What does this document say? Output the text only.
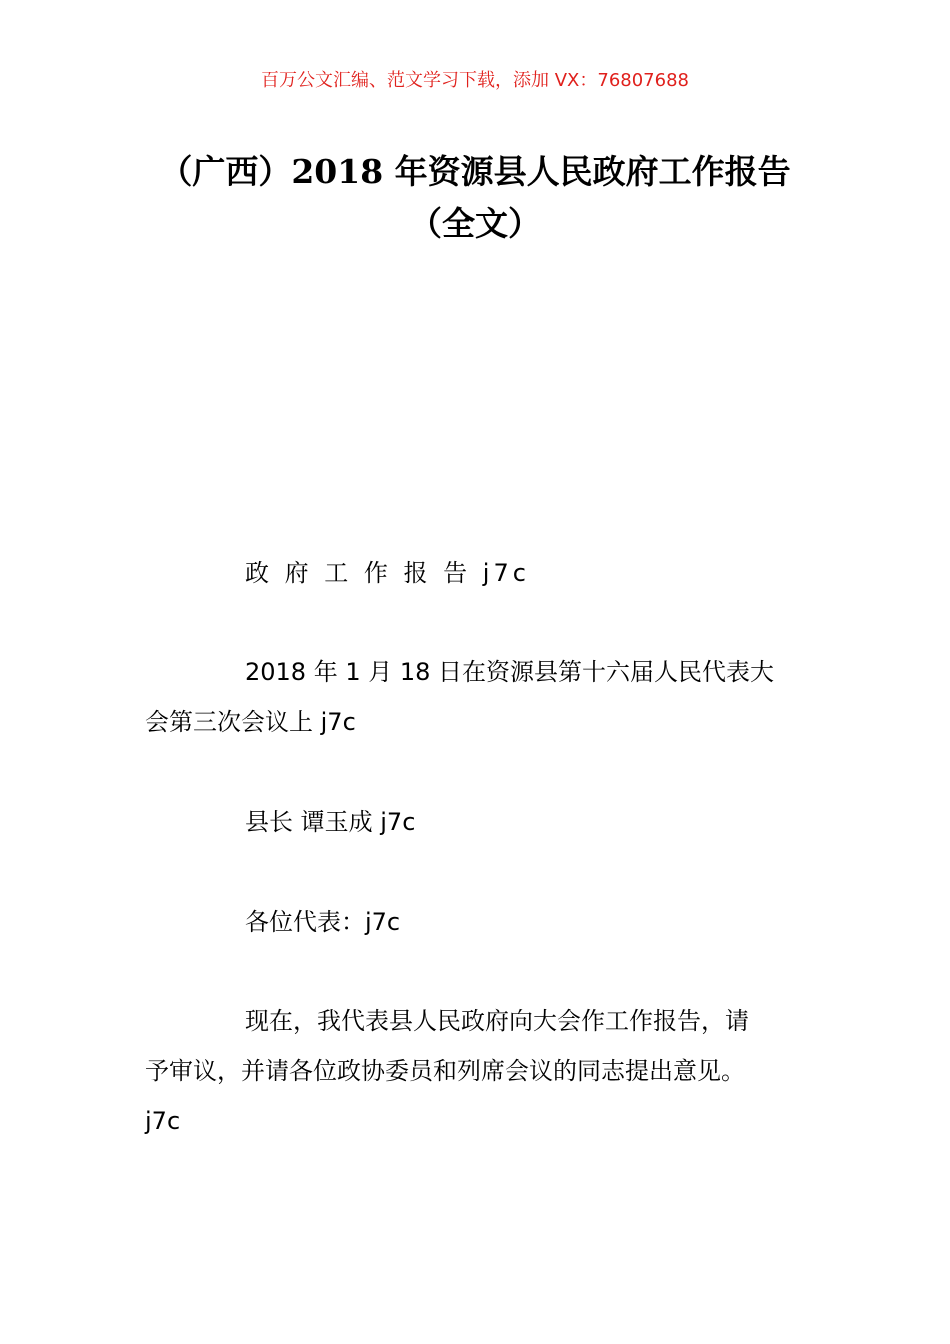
百万公文汇编、范文学习下载，添加 VX：76807688
（广西）2018 年资源县人民政府工作报告
（全文）

政 府 工 作 报 告 j7c

2018 年 1 月 18 日在资源县第十六届人民代表大
会第三次会议上 j7c

县长 谭玉成 j7c

各位代表：j7c

现在，我代表县人民政府向大会作工作报告，请
予审议，并请各位政协委员和列席会议的同志提出意见。
j7c
